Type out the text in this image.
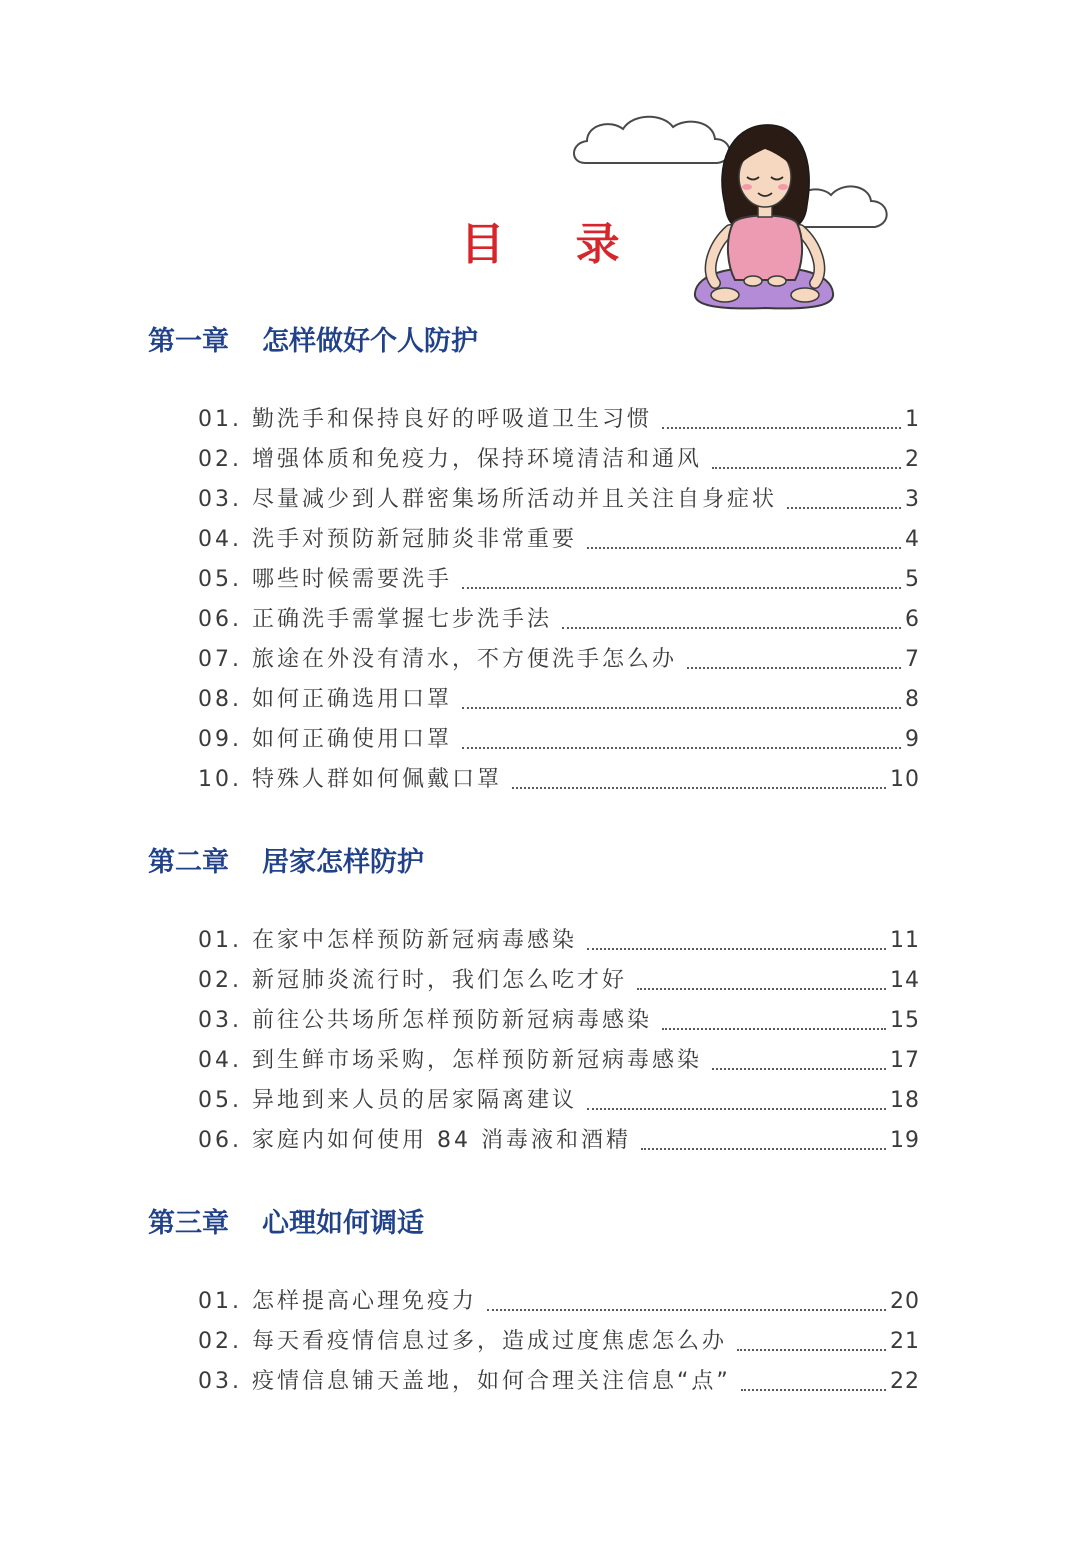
目 录
第一章 怎样做好个人防护
01. 勤洗手和保持良好的呼吸道卫生习惯	1
02. 增强体质和免疫力，保持环境清洁和通风	2
03. 尽量减少到人群密集场所活动并且关注自身症状	3
04. 洗手对预防新冠肺炎非常重要	4
05. 哪些时候需要洗手	5
06. 正确洗手需掌握七步洗手法	6
07. 旅途在外没有清水，不方便洗手怎么办	7
08. 如何正确选用口罩	8
09. 如何正确使用口罩	9
10. 特殊人群如何佩戴口罩	10
第二章 居家怎样防护
01. 在家中怎样预防新冠病毒感染	11
02. 新冠肺炎流行时，我们怎么吃才好	14
03. 前往公共场所怎样预防新冠病毒感染	15
04. 到生鲜市场采购，怎样预防新冠病毒感染	17
05. 异地到来人员的居家隔离建议	18
06. 家庭内如何使用 84 消毒液和酒精	19
第三章 心理如何调适
01. 怎样提高心理免疫力	20
02. 每天看疫情信息过多，造成过度焦虑怎么办	21
03. 疫情信息铺天盖地，如何合理关注信息“点”	22
